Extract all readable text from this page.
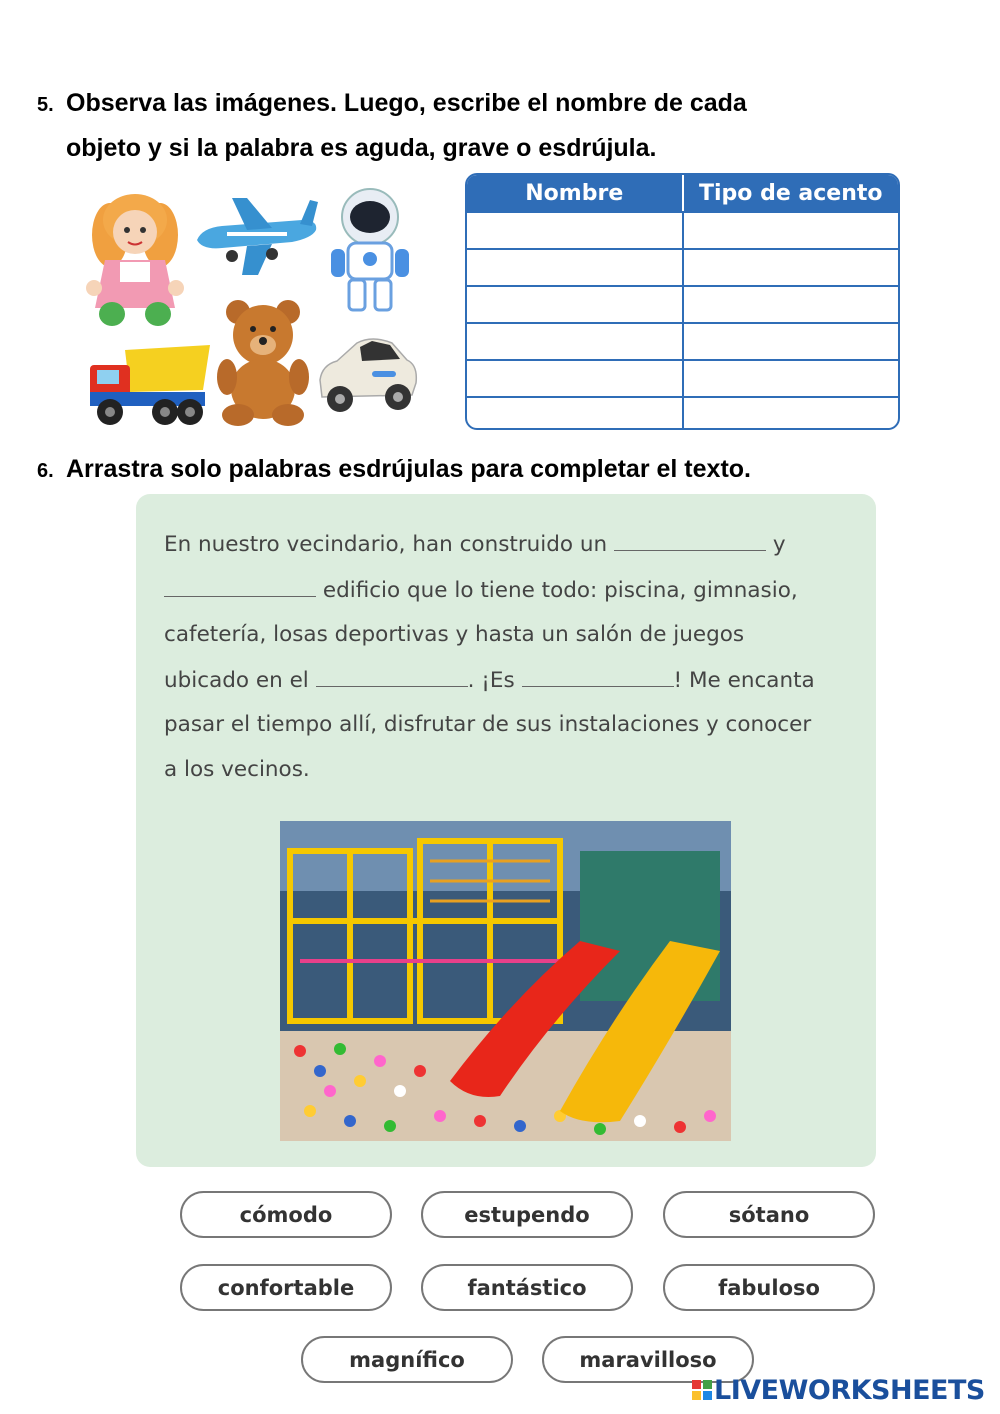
5. Observa las imágenes. Luego, escribe el nombre de cada
objeto y si la palabra es aguda, grave o esdrújula.
Nombre	Tipo de acento
6. Arrastra solo palabras esdrújulas para completar el texto.
En nuestro vecindario, han construido un	y
edificio que lo tiene todo: piscina, gimnasio,
cafetería, losas deportivas y hasta un salón de juegos
ubicado en el	. ¡Es	! Me encanta
pasar el tiempo allí, disfrutar de sus instalaciones y conocer
a los vecinos.
cómodo	estupendo	sótano
confortable	fantástico	fabuloso
magnífico	maravilloso
LIVEWORKSHEETS
